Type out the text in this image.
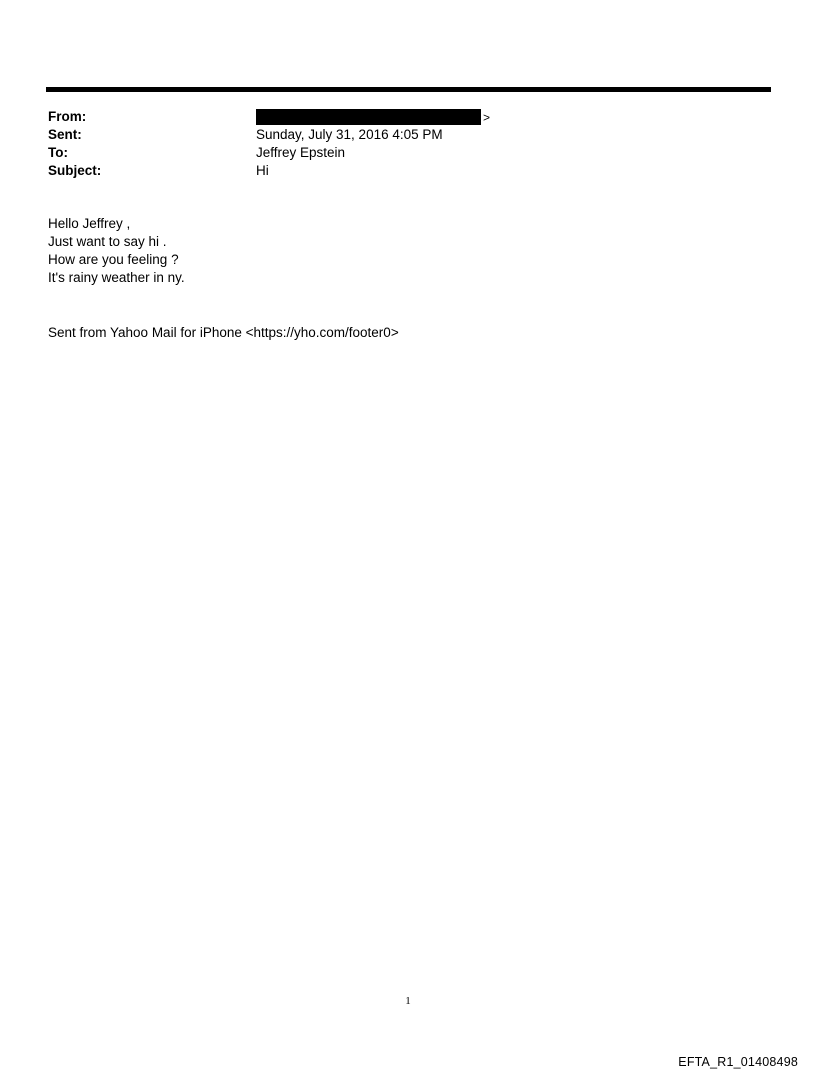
From:	>
Sent:	Sunday, July 31, 2016 4:05 PM
To:	Jeffrey Epstein
Subject:	Hi
Hello Jeffrey ,
Just want to say hi .
How are you feeling ?
It's rainy weather in ny.
Sent from Yahoo Mail for iPhone <https://yho.com/footer0>
1
EFTA_R1_01408498
